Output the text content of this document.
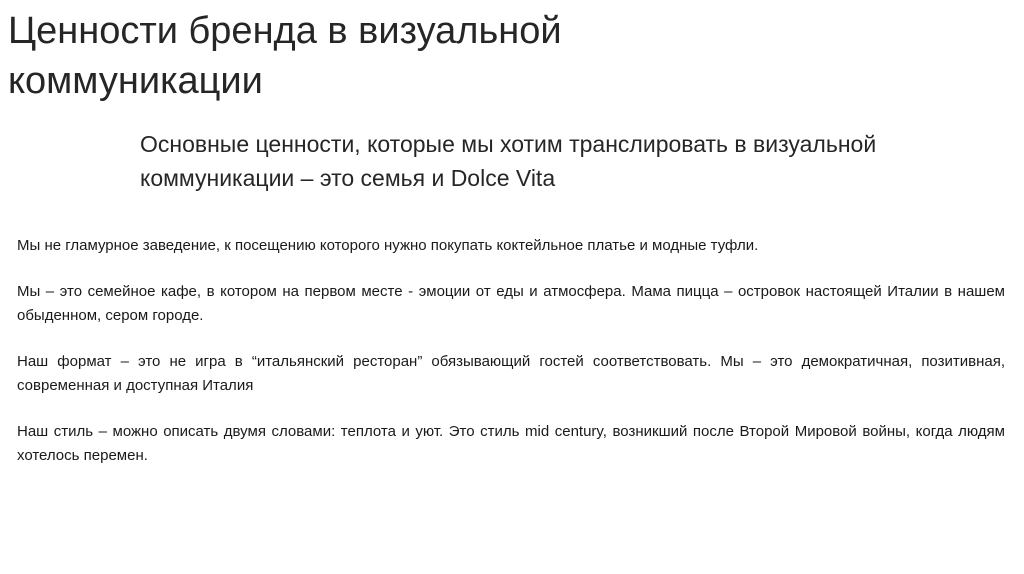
Ценности бренда в визуальной коммуникации

Основные ценности, которые мы хотим транслировать в визуальной коммуникации – это семья и Dolce Vita

Мы не гламурное заведение, к посещению которого нужно покупать коктейльное платье и модные туфли.

Мы – это семейное кафе, в котором на первом месте - эмоции от еды и атмосфера. Мама пицца – островок настоящей Италии в нашем обыденном, сером городе.

Наш формат – это не игра в “итальянский ресторан” обязывающий гостей соответствовать. Мы – это демократичная, позитивная, современная и доступная Италия

Наш стиль – можно описать двумя словами: теплота и уют. Это стиль mid century, возникший после Второй Мировой войны, когда людям хотелось перемен.
